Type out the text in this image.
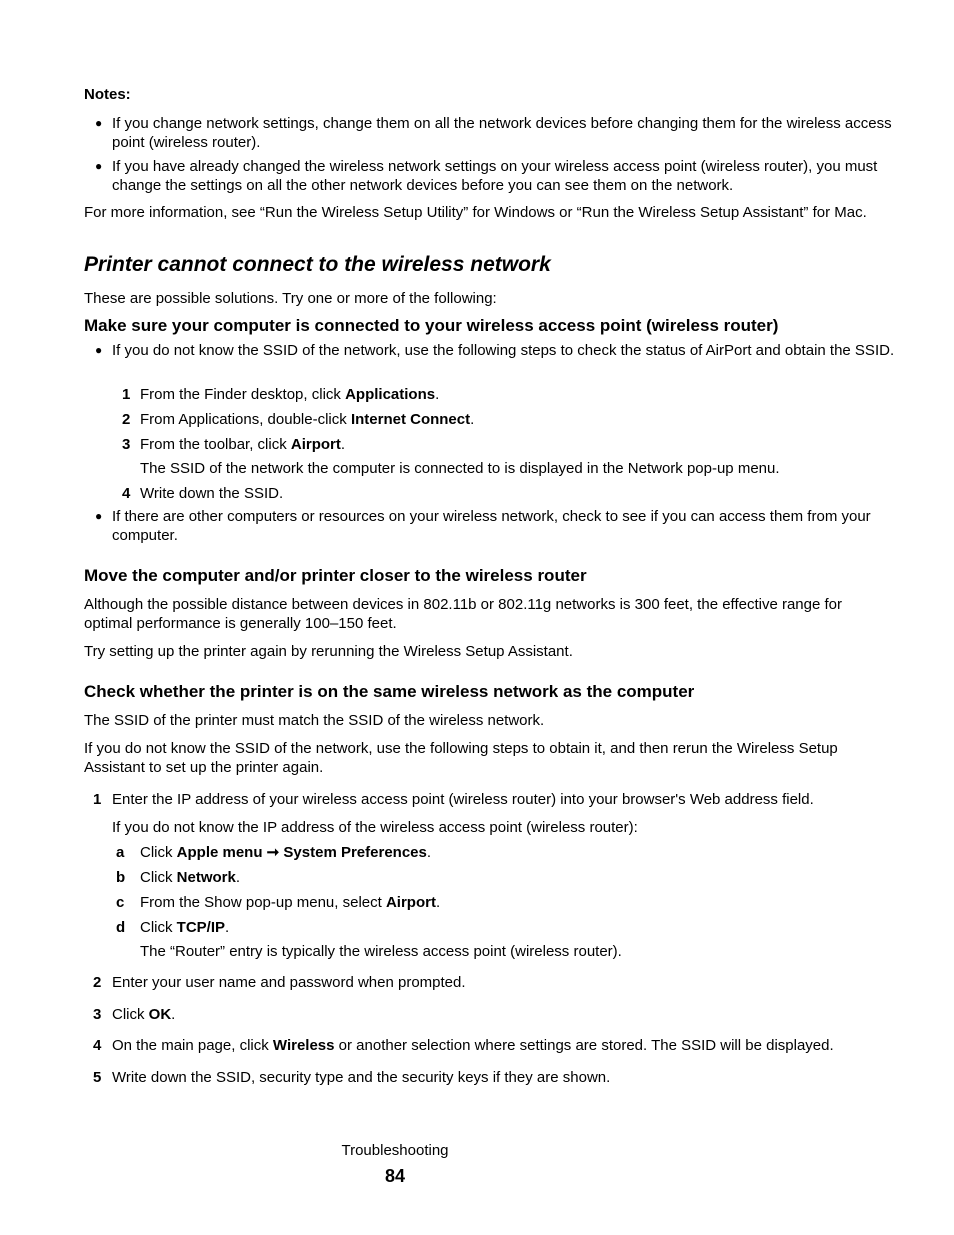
Notes:

● If you change network settings, change them on all the network devices before changing them for the wireless access point (wireless router).

● If you have already changed the wireless network settings on your wireless access point (wireless router), you must change the settings on all the other network devices before you can see them on the network.

For more information, see “Run the Wireless Setup Utility” for Windows or “Run the Wireless Setup Assistant” for Mac.

Printer cannot connect to the wireless network

These are possible solutions. Try one or more of the following:

Make sure your computer is connected to your wireless access point (wireless router)

● If you do not know the SSID of the network, use the following steps to check the status of AirPort and obtain the SSID.

1 From the Finder desktop, click Applications.

2 From Applications, double-click Internet Connect.

3 From the toolbar, click Airport.

The SSID of the network the computer is connected to is displayed in the Network pop-up menu.

4 Write down the SSID.

● If there are other computers or resources on your wireless network, check to see if you can access them from your computer.

Move the computer and/or printer closer to the wireless router

Although the possible distance between devices in 802.11b or 802.11g networks is 300 feet, the effective range for optimal performance is generally 100–150 feet.

Try setting up the printer again by rerunning the Wireless Setup Assistant.

Check whether the printer is on the same wireless network as the computer

The SSID of the printer must match the SSID of the wireless network.

If you do not know the SSID of the network, use the following steps to obtain it, and then rerun the Wireless Setup Assistant to set up the printer again.

1 Enter the IP address of your wireless access point (wireless router) into your browser's Web address field.

If you do not know the IP address of the wireless access point (wireless router):

a Click Apple menu ➞ System Preferences.

b Click Network.

c From the Show pop-up menu, select Airport.

d Click TCP/IP.

The “Router” entry is typically the wireless access point (wireless router).

2 Enter your user name and password when prompted.

3 Click OK.

4 On the main page, click Wireless or another selection where settings are stored. The SSID will be displayed.

5 Write down the SSID, security type and the security keys if they are shown.

Troubleshooting

84
